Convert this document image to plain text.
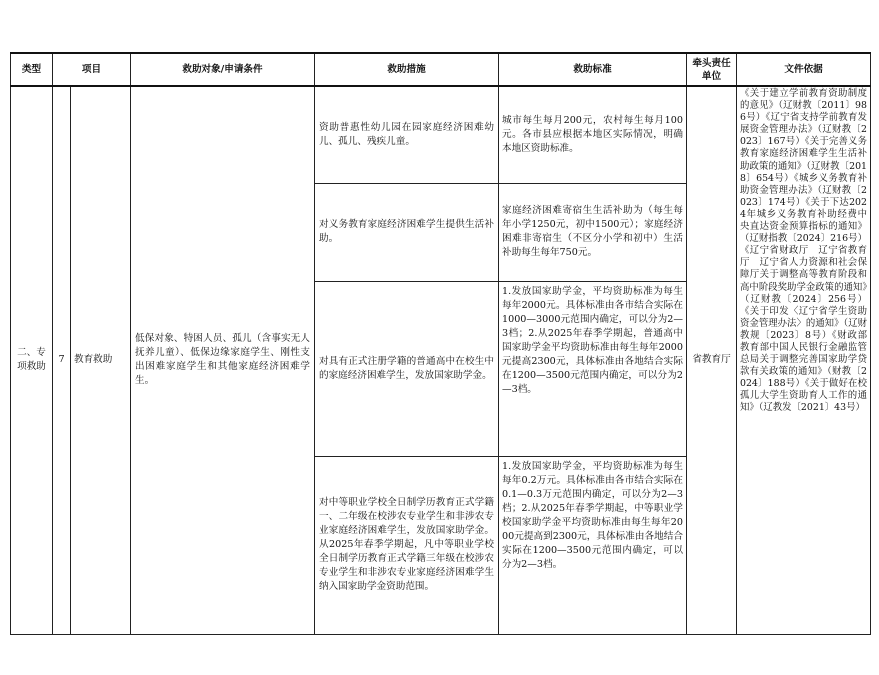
类型	项目		救助对象/申请条件	救助措施	救助标准	牵头责任单位	文件依据
二、专项救助	7	教育救助	低保对象、特困人员、孤儿（含事实无人抚养儿童）、低保边缘家庭学生、刚性支出困难家庭学生和其他家庭经济困难学生。	资助普惠性幼儿园在园家庭经济困难幼儿、孤儿、残疾儿童。	城市每生每月200元，农村每生每月100元。各市县应根据本地区实际情况，明确本地区资助标准。	省教育厅	《关于建立学前教育资助制度的意见》（辽财教〔2011〕986号）《辽宁省支持学前教育发展资金管理办法》（辽财教〔2023〕167号）《关于完善义务教育家庭经济困难学生生活补助政策的通知》（辽财教〔2018〕654号）《城乡义务教育补助资金管理办法》（辽财教〔2023〕174号）《关于下达2024年城乡义务教育补助经费中央直达资金预算指标的通知》（辽财指教〔2024〕216号）《辽宁省财政厅　辽宁省教育厅　辽宁省人力资源和社会保障厅关于调整高等教育阶段和高中阶段奖助学金政策的通知》（辽财教〔2024〕256号）《关于印发〈辽宁省学生资助资金管理办法〉的通知》（辽财教规〔2023〕8号）《财政部教育部中国人民银行金融监管总局关于调整完善国家助学贷款有关政策的通知》（财教〔2024〕188号）《关于做好在校孤儿大学生资助育人工作的通知》（辽教发〔2021〕43号）
				对义务教育家庭经济困难学生提供生活补助。	家庭经济困难寄宿生生活补助为（每生每年小学1250元，初中1500元）；家庭经济困难非寄宿生（不区分小学和初中）生活补助每生每年750元。		
				对具有正式注册学籍的普通高中在校生中的家庭经济困难学生，发放国家助学金。	1.发放国家助学金，平均资助标准为每生每年2000元。具体标准由各市结合实际在1000—3000元范围内确定，可以分为2—3档；2.从2025年春季学期起，普通高中国家助学金平均资助标准由每生每年2000元提高2300元，具体标准由各地结合实际在1200—3500元范围内确定，可以分为2—3档。		
				对中等职业学校全日制学历教育正式学籍一、二年级在校涉农专业学生和非涉农专业家庭经济困难学生，发放国家助学金。从2025年春季学期起，凡中等职业学校全日制学历教育正式学籍三年级在校涉农专业学生和非涉农专业家庭经济困难学生纳入国家助学金资助范围。	1.发放国家助学金，平均资助标准为每生每年0.2万元。具体标准由各市结合实际在0.1—0.3万元范围内确定，可以分为2—3档；2.从2025年春季学期起，中等职业学校国家助学金平均资助标准由每生每年2000元提高到2300元，具体标准由各地结合实际在1200—3500元范围内确定，可以分为2—3档。		
